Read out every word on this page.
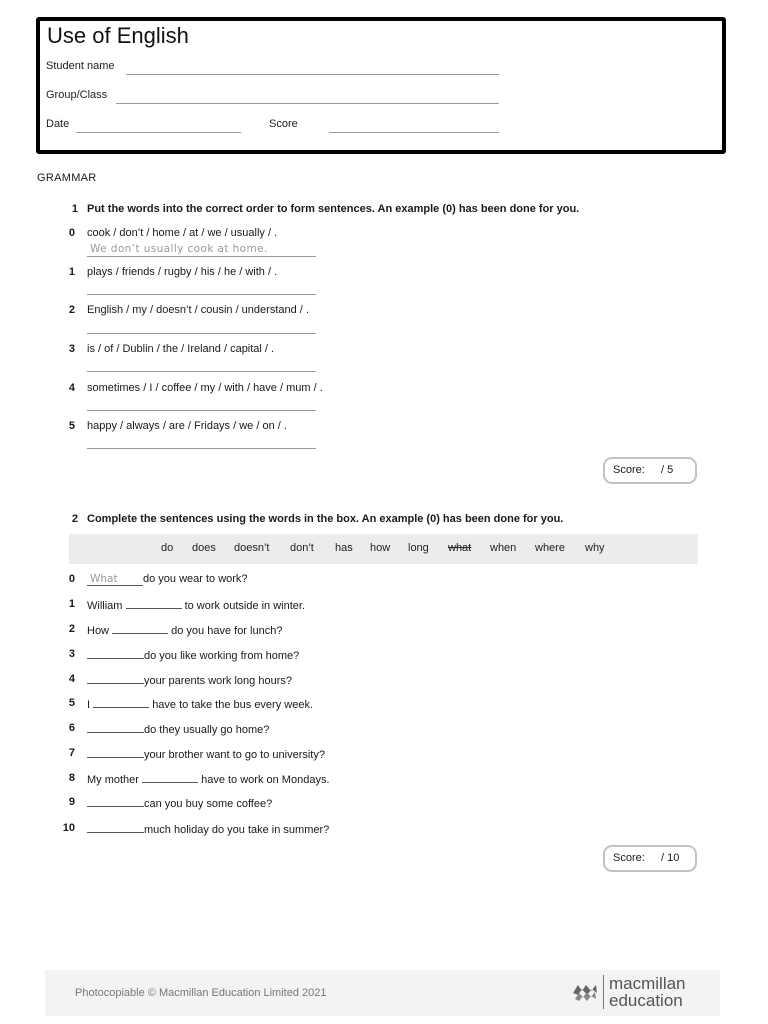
Use of English
Student name
Group/Class
Date	Score
GRAMMAR
1 Put the words into the correct order to form sentences. An example (0) has been done for you.
0 cook / don’t / home / at / we / usually / .
We don’t usually cook at home.
1 plays / friends / rugby / his / he / with / .
2 English / my / doesn’t / cousin / understand / .
3 is / of / Dublin / the / Ireland / capital / .
4 sometimes / I / coffee / my / with / have / mum / .
5 happy / always / are / Fridays / we / on / .
Score: / 5
2 Complete the sentences using the words in the box. An example (0) has been done for you.
do does doesn’t don’t has how long what when where why
0 What do you wear to work?
1 William	to work outside in winter.
2 How	do you have for lunch?
3	do you like working from home?
4	your parents work long hours?
5 I	have to take the bus every week.
6	do they usually go home?
7	your brother want to go to university?
8 My mother	have to work on Mondays.
9	can you buy some coffee?
10	much holiday do you take in summer?
Score: / 10
Photocopiable © Macmillan Education Limited 2021	macmillan
education
